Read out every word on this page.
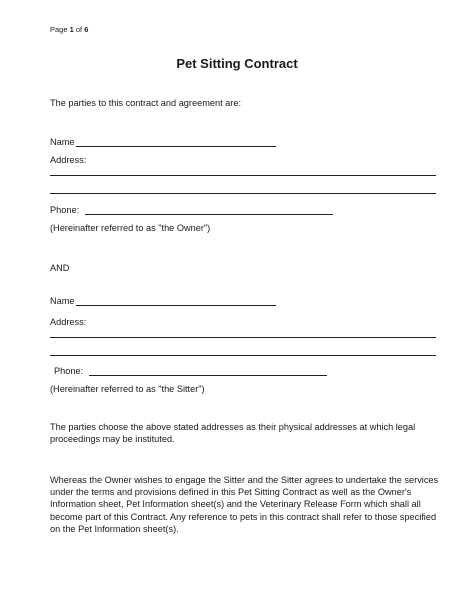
Page 1 of 6
Pet Sitting Contract
The parties to this contract and agreement are:
Name
Address:
Phone:
(Hereinafter referred to as "the Owner")
AND
Name
Address:
Phone:
(Hereinafter referred to as "the Sitter")
The parties choose the above stated addresses as their physical addresses at which legal proceedings may be instituted.
Whereas the Owner wishes to engage the Sitter and the Sitter agrees to undertake the services under the terms and provisions defined in this Pet Sitting Contract as well as the Owner's Information sheet, Pet Information sheet(s) and the Veterinary Release Form which shall all become part of this Contract. Any reference to pets in this contract shall refer to those specified on the Pet Information sheet(s).
